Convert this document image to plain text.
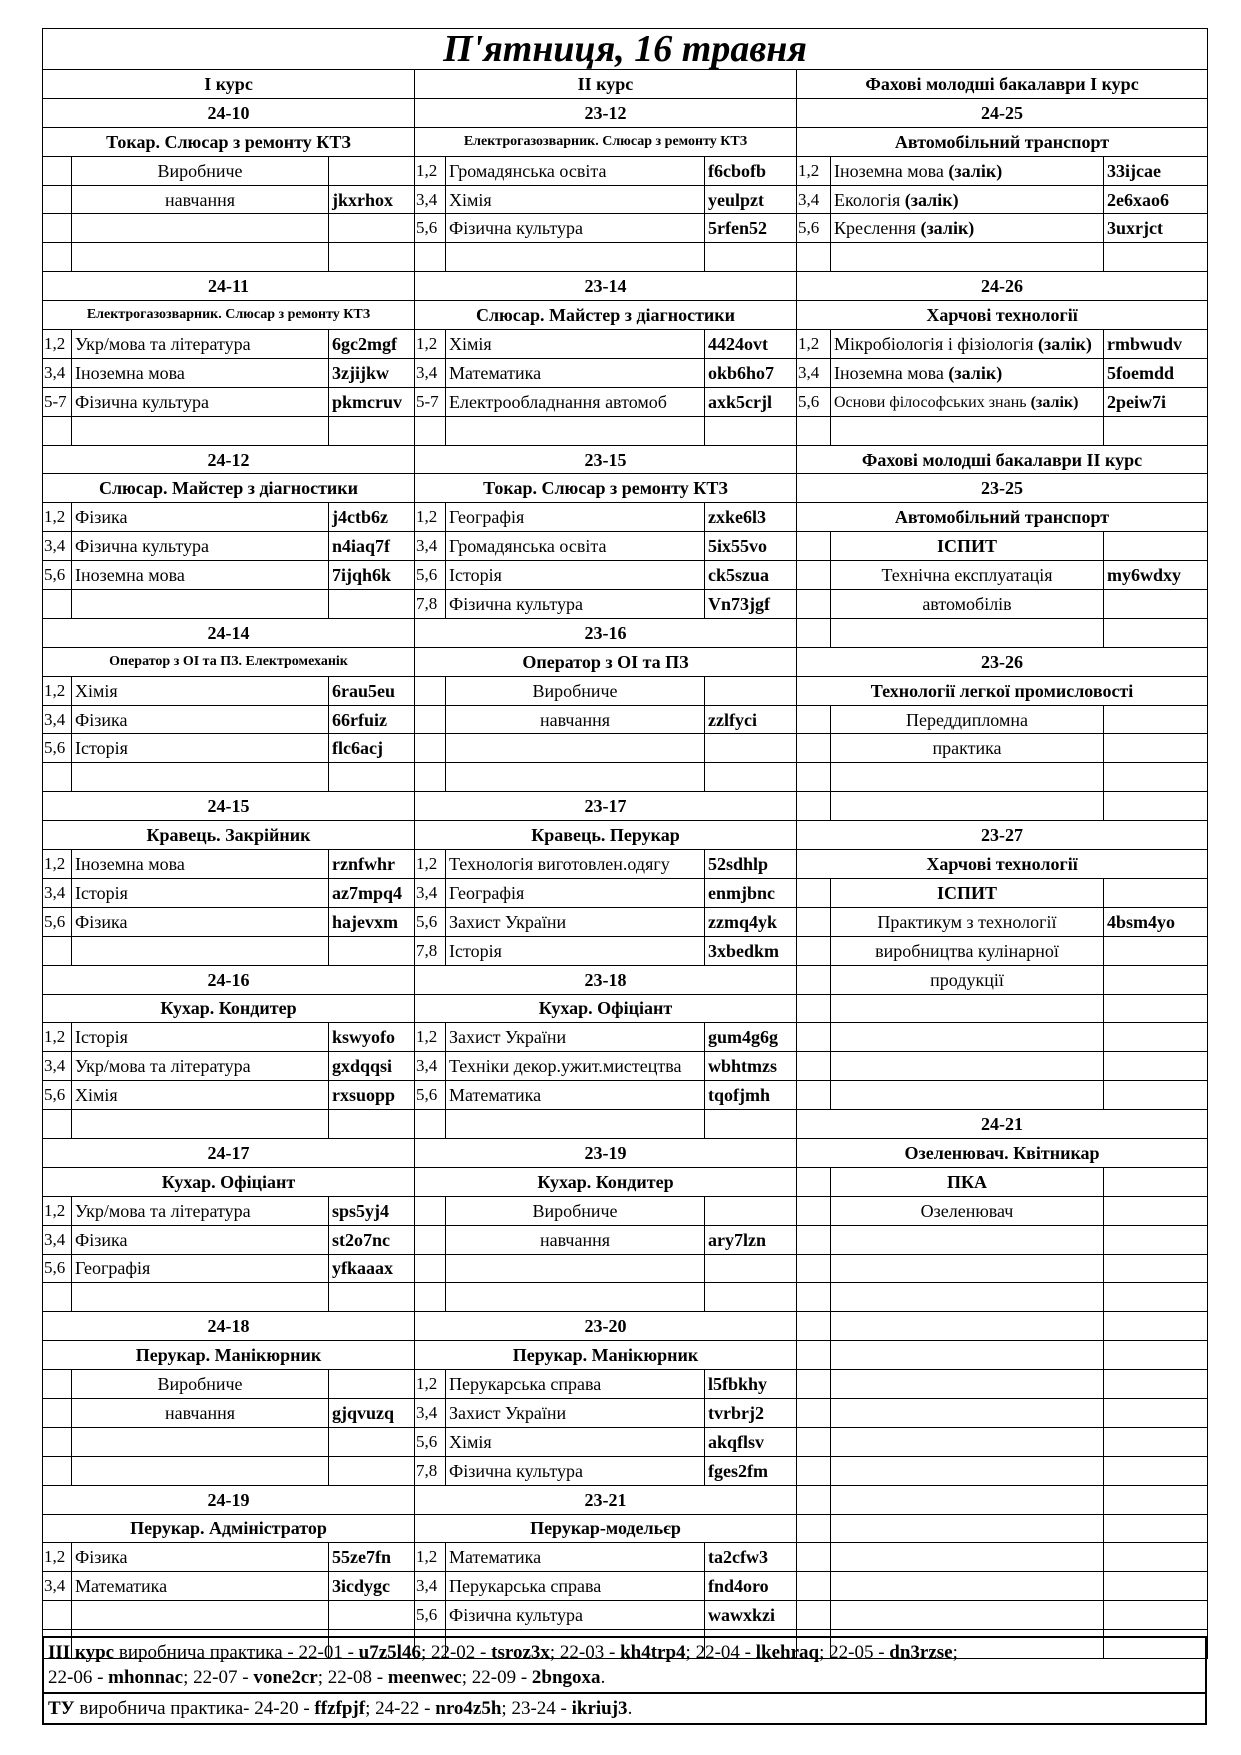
П'ятниця, 16 травня								
І курс			ІІ курс			Фахові молодші бакалаври І курс		
24-10			23-12			24-25		
Токар. Слюсар з ремонту КТЗ			Електрогазозварник. Слюсар з ремонту КТЗ			Автомобільний транспорт		
	Виробниче		1,2	Громадянська освіта	f6cbofb	1,2	Іноземна мова (залік)	33ijcae
	навчання	jkxrhox	3,4	Хімія	yeulpzt	3,4	Екологія (залік)	2e6xao6
			5,6	Фізична культура	5rfen52	5,6	Креслення (залік)	3uxrjct

24-11			23-14			24-26		
Електрогазозварник. Слюсар з ремонту КТЗ			Слюсар. Майстер з діагностики			Харчові технології		
1,2	Укр/мова та література	6gc2mgf	1,2	Хімія	4424ovt	1,2	Мікробіологія і фізіологія (залік)	rmbwudv
3,4	Іноземна мова	3zjijkw	3,4	Математика	okb6ho7	3,4	Іноземна мова (залік)	5foemdd
5-7	Фізична культура	pkmcruv	5-7	Електрообладнання автомоб	axk5crjl	5,6	Основи філософських знань (залік)	2peiw7i

24-12			23-15			Фахові молодші бакалаври ІІ курс		
Слюсар. Майстер з діагностики			Токар. Слюсар з ремонту КТЗ			23-25		
1,2	Фізика	j4ctb6z	1,2	Географія	zxke6l3	Автомобільний транспорт		
3,4	Фізична культура	n4iaq7f	3,4	Громадянська освіта	5ix55vo		ІСПИТ	
5,6	Іноземна мова	7ijqh6k	5,6	Історія	ck5szua		Технічна експлуатація	my6wdxy
			7,8	Фізична культура	Vn73jgf		автомобілів	
24-14			23-16					
Оператор з ОІ та ПЗ. Електромеханік			Оператор з ОІ та ПЗ			23-26		
1,2	Хімія	6rau5eu		Виробниче		Технології легкої промисловості		
3,4	Фізика	66rfuiz		навчання	zzlfyci		Переддипломна	
5,6	Історія	flc6acj					практика	

24-15			23-17					
Кравець. Закрійник			Кравець. Перукар			23-27		
1,2	Іноземна мова	rznfwhr	1,2	Технологія виготовлен.одягу	52sdhlp	Харчові технології		
3,4	Історія	az7mpq4	3,4	Географія	enmjbnc		ІСПИТ	
5,6	Фізика	hajevxm	5,6	Захист України	zzmq4yk		Практикум з технології	4bsm4yo
			7,8	Історія	3xbedkm		виробництва кулінарної	
24-16			23-18				продукції	
Кухар. Кондитер			Кухар. Офіціант					
1,2	Історія	kswyofo	1,2	Захист України	gum4g6g			
3,4	Укр/мова та література	gxdqqsi	3,4	Техніки декор.ужит.мистецтва	wbhtmzs			
5,6	Хімія	rxsuopp	5,6	Математика	tqofjmh			
						24-21		
24-17			23-19			Озеленювач. Квітникар		
Кухар. Офіціант			Кухар. Кондитер				ПКА	
1,2	Укр/мова та література	sps5yj4		Виробниче			Озеленювач	
3,4	Фізика	st2o7nc		навчання	ary7lzn			
5,6	Географія	yfkaaax						

24-18			23-20					
Перукар. Манікюрник			Перукар. Манікюрник					
	Виробниче		1,2	Перукарська справа	l5fbkhy			
	навчання	gjqvuzq	3,4	Захист України	tvrbrj2			
			5,6	Хімія	akqflsv			
			7,8	Фізична культура	fges2fm			
24-19			23-21					
Перукар. Адміністратор			Перукар-модельєр					
1,2	Фізика	55ze7fn	1,2	Математика	ta2cfw3			
3,4	Математика	3icdygc	3,4	Перукарська справа	fnd4oro			
			5,6	Фізична культура	wawxkzi			

ІІІ курс виробнича практика - 22-01 - u7z5l46; 22-02 - tsroz3x; 22-03 - kh4trp4; 22-04 - lkehraq; 22-05 - dn3rzse;
22-06 - mhonnac; 22-07 - vone2cr; 22-08 - meenwec; 22-09 - 2bngoxa.
ТУ виробнича практика- 24-20 - ffzfpjf; 24-22 - nro4z5h; 23-24 - ikriuj3.
